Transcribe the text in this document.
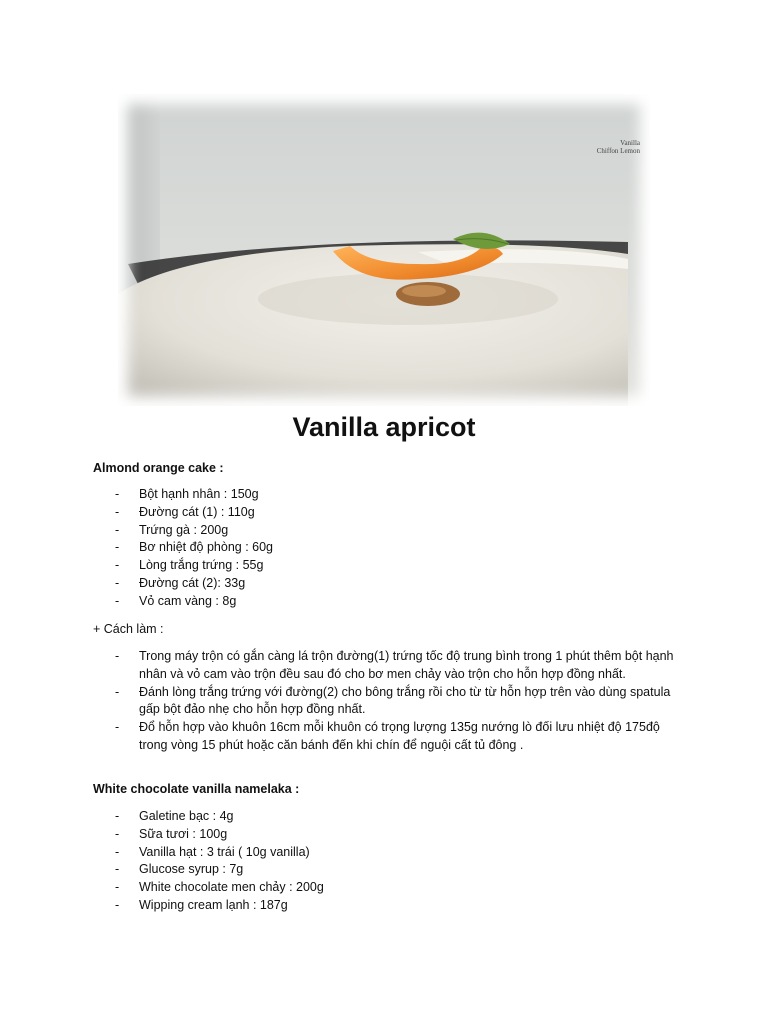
Vanilla
Chiffon Lemon
Vanilla apricot
Almond orange cake :
- Bột hạnh nhân : 150g
- Đường cát (1) : 110g
- Trứng gà : 200g
- Bơ nhiệt độ phòng : 60g
- Lòng trắng trứng : 55g
- Đường cát (2): 33g
- Vỏ cam vàng : 8g
+ Cách làm :
- Trong máy trộn có gắn càng lá trộn đường(1) trứng tốc độ trung bình trong 1 phút thêm bột hạnh nhân và vỏ cam vào trộn đều sau đó cho bơ men chảy vào trộn cho hỗn hợp đồng nhất.
- Đánh lòng trắng trứng với đường(2) cho bông trắng rồi cho từ từ hỗn hợp trên vào dùng spatula gấp bột đảo nhẹ cho hỗn hợp đồng nhất.
- Đổ hỗn hợp vào khuôn 16cm mỗi khuôn có trọng lượng 135g nướng lò đối lưu nhiệt độ 175độ trong vòng 15 phút hoặc căn bánh đến khi chín để nguội cất tủ đông .
White chocolate vanilla namelaka :
- Galetine bạc : 4g
- Sữa tươi : 100g
- Vanilla hạt : 3 trái ( 10g vanilla)
- Glucose syrup : 7g
- White chocolate men chảy : 200g
- Wipping cream lạnh : 187g
